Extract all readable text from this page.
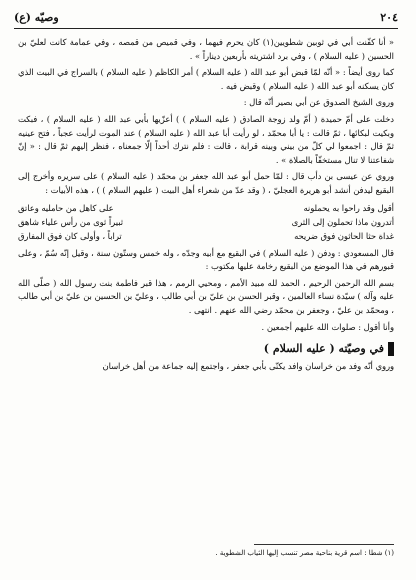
٢٠٤
وصيّه (ع)

« أنا كفّنت أبي في ثوبين شطويين(١) كان يحرم فيهما ، وفي قميص من قمصه ، وفي عمامة كانت لعليّ بن الحسين ( عليه السلام ) ، وفي برد اشتريته بأربعين ديناراً » .

كما روى أيضاً : « أنّه لمّا قبض أبو عبد الله ( عليه السلام ) أمر الكاظم ( عليه السلام ) بالسراج في البيت الذي كان يسكنه أبو عبد الله ( عليه السلام ) وقبض فيه .

وروى الشيخ الصدوق عن أبي بصير أنّه قال :

دخلت على أمّ حميدة ( أمّ ولد زوجة الصادق ( عليه السلام ) ) أعزّيها بأبي عبد الله ( عليه السلام ) ، فبكت وبكيت لبكائها ، ثمّ قالت : يا أبا محمّد ، لو رأيت أبا عبد الله ( عليه السلام ) عند الموت لرأيت عجباً ، فتح عينيه ثمّ قال : اجمعوا لي كلّ من بيني وبينه قرابة ، قالت : فلم نترك أحداً إلّا جمعناه ، فنظر إليهم ثمّ قال : « إنّ شفاعتنا لا تنال مستخفّاً بالصلاة » .

وروي عن عيسى بن دأب قال : لمّا حمل أبو عبد الله جعفر بن محمّد ( عليه السلام ) على سريره وأخرج إلى البقيع ليدفن أنشد أبو هريرة العجليّ ، ( وقد عدّ من شعراء أهل البيت ( عليهم السلام ) ) ، هذه الأبيات :

أقول وقد راحوا به يحملونه
على كاهل من حامليه وعاتق
أتدرون ماذا تحملون إلى الثرى
ثبيراً ثوى من رأس علياء شاهق
غداة حثا الحاثون فوق ضريحه
تراباً ، وأولى كان فوق المفارق

قال المسعودي : ودفن ( عليه السلام ) في البقيع مع أبيه وجدّه ، وله خمس وستّون سنة ، وقيل إنّه سُمّ ، وعلى قبورهم في هذا الموضع من البقيع رخامة عليها مكتوب :

بسم الله الرحمن الرحيم ، الحمد لله مبيد الأمم ، ومحيي الرمم ، هذا قبر فاطمة بنت رسول الله ( صلّى الله عليه وآله ) سيّدة نساء العالمين ، وقبر الحسن بن عليّ بن أبي طالب ، وعليّ بن الحسين بن عليّ بن أبي طالب ، ومحمّد بن عليّ ، وجعفر بن محمّد رضي الله عنهم . انتهى .

وأنا أقول : صلوات الله عليهم أجمعين .

في وصيّته ( عليه السلام )

وروي أنّه وفد من خراسان وافد يكنّى بأبي جعفر ، واجتمع إليه جماعة من أهل خراسان

(١) شطا : اسم قرية بناحية مصر تنسب إليها الثياب الشطوية .
